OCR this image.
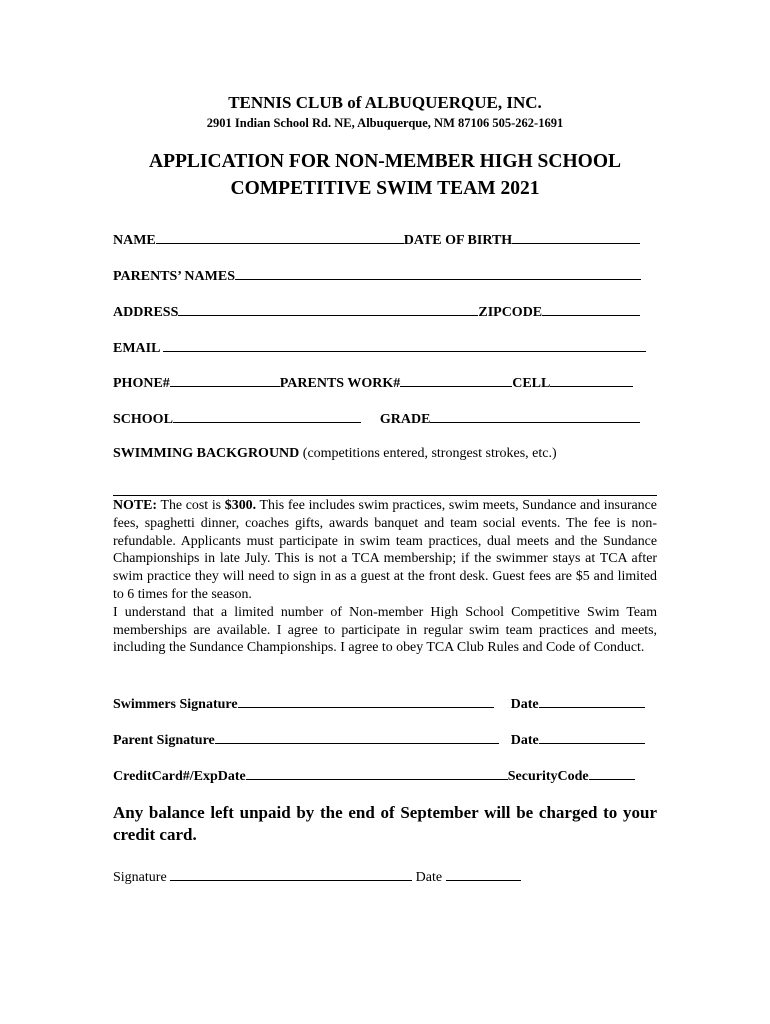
TENNIS CLUB of ALBUQUERQUE, INC.
2901 Indian School Rd. NE, Albuquerque, NM 87106 505-262-1691
APPLICATION FOR NON-MEMBER HIGH SCHOOL
COMPETITIVE SWIM TEAM 2021
NAME	DATE OF BIRTH
PARENTS’ NAMES
ADDRESS	ZIPCODE
EMAIL
PHONE#	PARENTS WORK#	CELL
SCHOOL	GRADE
SWIMMING BACKGROUND (competitions entered, strongest strokes, etc.)

NOTE: The cost is $300. This fee includes swim practices, swim meets, Sundance and insurance fees, spaghetti dinner, coaches gifts, awards banquet and team social events. The fee is non-refundable. Applicants must participate in swim team practices, dual meets and the Sundance Championships in late July. This is not a TCA membership; if the swimmer stays at TCA after swim practice they will need to sign in as a guest at the front desk. Guest fees are $5 and limited to 6 times for the season.

I understand that a limited number of Non-member High School Competitive Swim Team memberships are available. I agree to participate in regular swim team practices and meets, including the Sundance Championships. I agree to obey TCA Club Rules and Code of Conduct.

Swimmers Signature	Date
Parent Signature	Date
CreditCard#/ExpDate	SecurityCode
Any balance left unpaid by the end of September will be charged to your credit card.
Signature	Date
